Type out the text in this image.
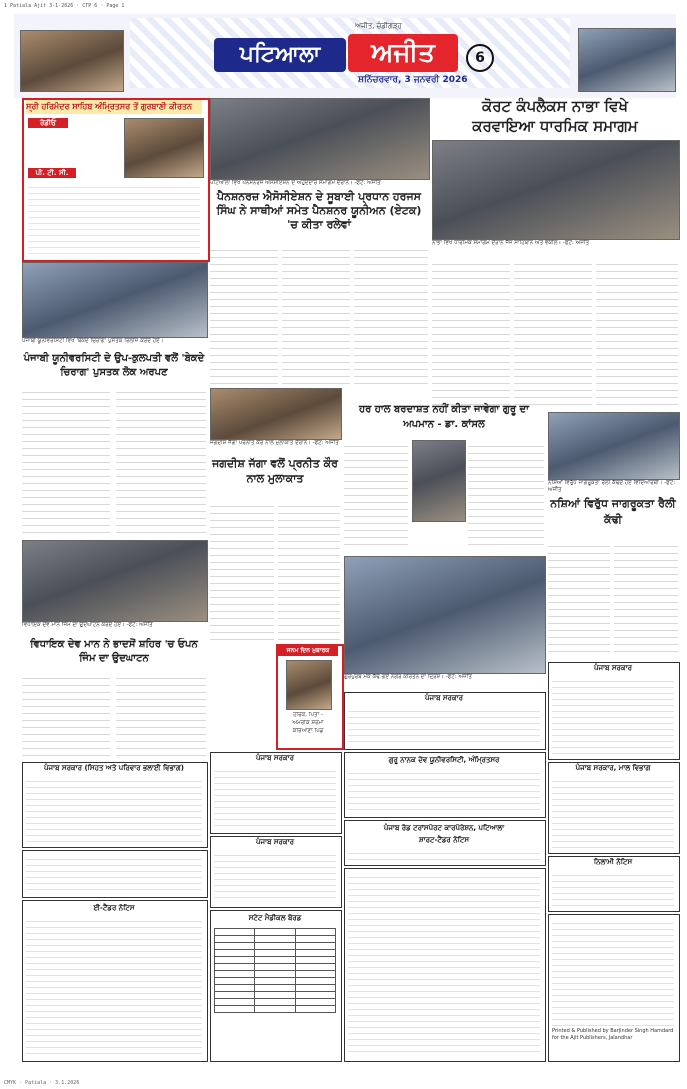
1 Patiala Ajit 3-1-2026 · CTP 6 · Page 1
ਪਟਿਆਲਾ	ਅਜੀਤ
ਅਜੀਤ, ਚੰਡੀਗੜ੍ਹ
ਸ਼ਨਿੱਚਰਵਾਰ, 3 ਜਨਵਰੀ 2026
6
ਸ੍ਰੀ ਹਰਿਮੰਦਰ ਸਾਹਿਬ ਅੰਮ੍ਰਿਤਸਰ ਤੋਂ ਗੁਰਬਾਣੀ ਕੀਰਤਨ
ਰੇਡੀਓ
ਪੀ. ਟੀ. ਸੀ.
ਪਟਿਆਲਾ ਵਿਖੇ ਪੈਨਸ਼ਨਰਜ਼ ਐਸੋਸੀਏਸ਼ਨ ਦੇ ਅਹੁਦੇਦਾਰ ਸਮਾਗਮ ਦੌਰਾਨ। -ਫੋਟੋ: ਅਜੀਤ
ਪੈਨਸ਼ਨਰਜ਼ ਐਸੋਸੀਏਸ਼ਨ ਦੇ ਸੂਬਾਈ ਪ੍ਰਧਾਨ ਹਰਜਸ ਸਿੰਘ ਨੇ ਸਾਥੀਆਂ ਸਮੇਤ ਪੈਨਸ਼ਨਰ ਯੂਨੀਅਨ (ਏਟਕ) 'ਚ ਕੀਤਾ ਰਲੇਵਾਂ
ਕੋਰਟ ਕੰਪਲੈਕਸ ਨਾਭਾ ਵਿਖੇ
ਕਰਵਾਇਆ ਧਾਰਮਿਕ ਸਮਾਗਮ
ਨਾਭਾ ਵਿਖੇ ਧਾਰਮਿਕ ਸਮਾਗਮ ਦੌਰਾਨ ਜੱਜ ਸਾਹਿਬਾਨ ਅਤੇ ਵਕੀਲ। -ਫੋਟੋ: ਅਜੀਤ
ਪੰਜਾਬੀ ਯੂਨੀਵਰਸਿਟੀ ਵਿਖੇ 'ਬੇਕਦੇ ਚਿਰਾਗ' ਪੁਸਤਕ ਰਿਲੀਜ਼ ਕਰਦੇ ਹੋਏ।
ਪੰਜਾਬੀ ਯੂਨੀਵਰਸਿਟੀ ਦੇ ਉਪ-ਕੁਲਪਤੀ ਵਲੋਂ 'ਬੇਕਦੇ ਚਿਰਾਗ' ਪੁਸਤਕ ਲੋਕ ਅਰਪਣ
ਹਰ ਹਾਲ ਬਰਦਾਸ਼ਤ ਨਹੀਂ ਕੀਤਾ ਜਾਵੇਗਾ ਗੁਰੂ ਦਾ ਅਪਮਾਨ - ਡਾ. ਕਾਂਸਲ
ਜਗਦੀਸ਼ ਜੱਗਾ ਪਰਨੀਤ ਕੌਰ ਨਾਲ ਮੁਲਾਕਾਤ ਦੌਰਾਨ। -ਫੋਟੋ: ਅਜੀਤ
ਜਗਦੀਸ਼ ਜੱਗਾ ਵਲੋਂ ਪ੍ਰਨੀਤ ਕੌਰ ਨਾਲ ਮੁਲਾਕਾਤ	ਨਸ਼ਿਆਂ ਵਿਰੁੱਧ ਜਾਗਰੂਕਤਾ ਰੈਲੀ ਕੱਢਦੇ ਹੋਏ ਵਿਦਿਆਰਥੀ। -ਫੋਟੋ: ਅਜੀਤ
ਨਸ਼ਿਆਂ ਵਿਰੁੱਧ ਜਾਗਰੂਕਤਾ ਰੈਲੀ ਕੱਢੀ
ਵਿਧਾਇਕ ਦੇਵ ਮਾਨ ਜਿੰਮ ਦਾ ਉਦਘਾਟਨ ਕਰਦੇ ਹੋਏ। -ਫੋਟੋ: ਅਜੀਤ
ਵਿਧਾਇਕ ਦੇਵ ਮਾਨ ਨੇ ਭਾਦਸੋਂ ਸ਼ਹਿਰ 'ਚ ਓਪਨ ਜਿੰਮ ਦਾ ਉਦਘਾਟਨ
ਜਨਮ ਦਿਨ ਮੁਬਾਰਕ
ਹੀਰਕ, ਪਿਤਾ -
ਅਮਰੀਕ ਸ਼ਰਮਾ
ਕਰਿਆਣਾ ਪਿੰਡ
ਗੁਰਪੁਰਬ ਮੌਕੇ ਕੱਢੇ ਗਏ ਨਗਰ ਕੀਰਤਨ ਦਾ ਦ੍ਰਿਸ਼। -ਫੋਟੋ: ਅਜੀਤ
ਪੰਜਾਬ ਸਰਕਾਰ
ਪੰਜਾਬ ਸਰਕਾਰ
ਗੁਰੂ ਨਾਨਕ ਦੇਵ ਯੂਨੀਵਰਸਿਟੀ, ਅੰਮ੍ਰਿਤਸਰ
ਪੰਜਾਬ ਸਰਕਾਰ (ਸਿਹਤ ਅਤੇ ਪਰਿਵਾਰ ਭਲਾਈ ਵਿਭਾਗ)
ਪੰਜਾਬ ਸਰਕਾਰ
ਪੰਜਾਬ ਸਰਕਾਰ
ਪੰਜਾਬ ਸਰਕਾਰ, ਮਾਲ ਵਿਭਾਗ
ਪੰਜਾਬ ਰੋਡ ਟਰਾਂਸਪੋਰਟ ਕਾਰਪੋਰੇਸ਼ਨ, ਪਟਿਆਲਾ
ਸ਼ਾਰਟ-ਟੈਂਡਰ ਨੋਟਿਸ
ਨਿਲਾਮੀ ਨੋਟਿਸ
ਈ-ਟੈਂਡਰ ਨੋਟਿਸ
ਸਟੇਟ ਮੈਡੀਕਲ ਬੋਰਡ

Printed & Published by Barjinder Singh Hamdard for the Ajit Publishers, Jalandhar
CMYK · Patiala · 3.1.2026
